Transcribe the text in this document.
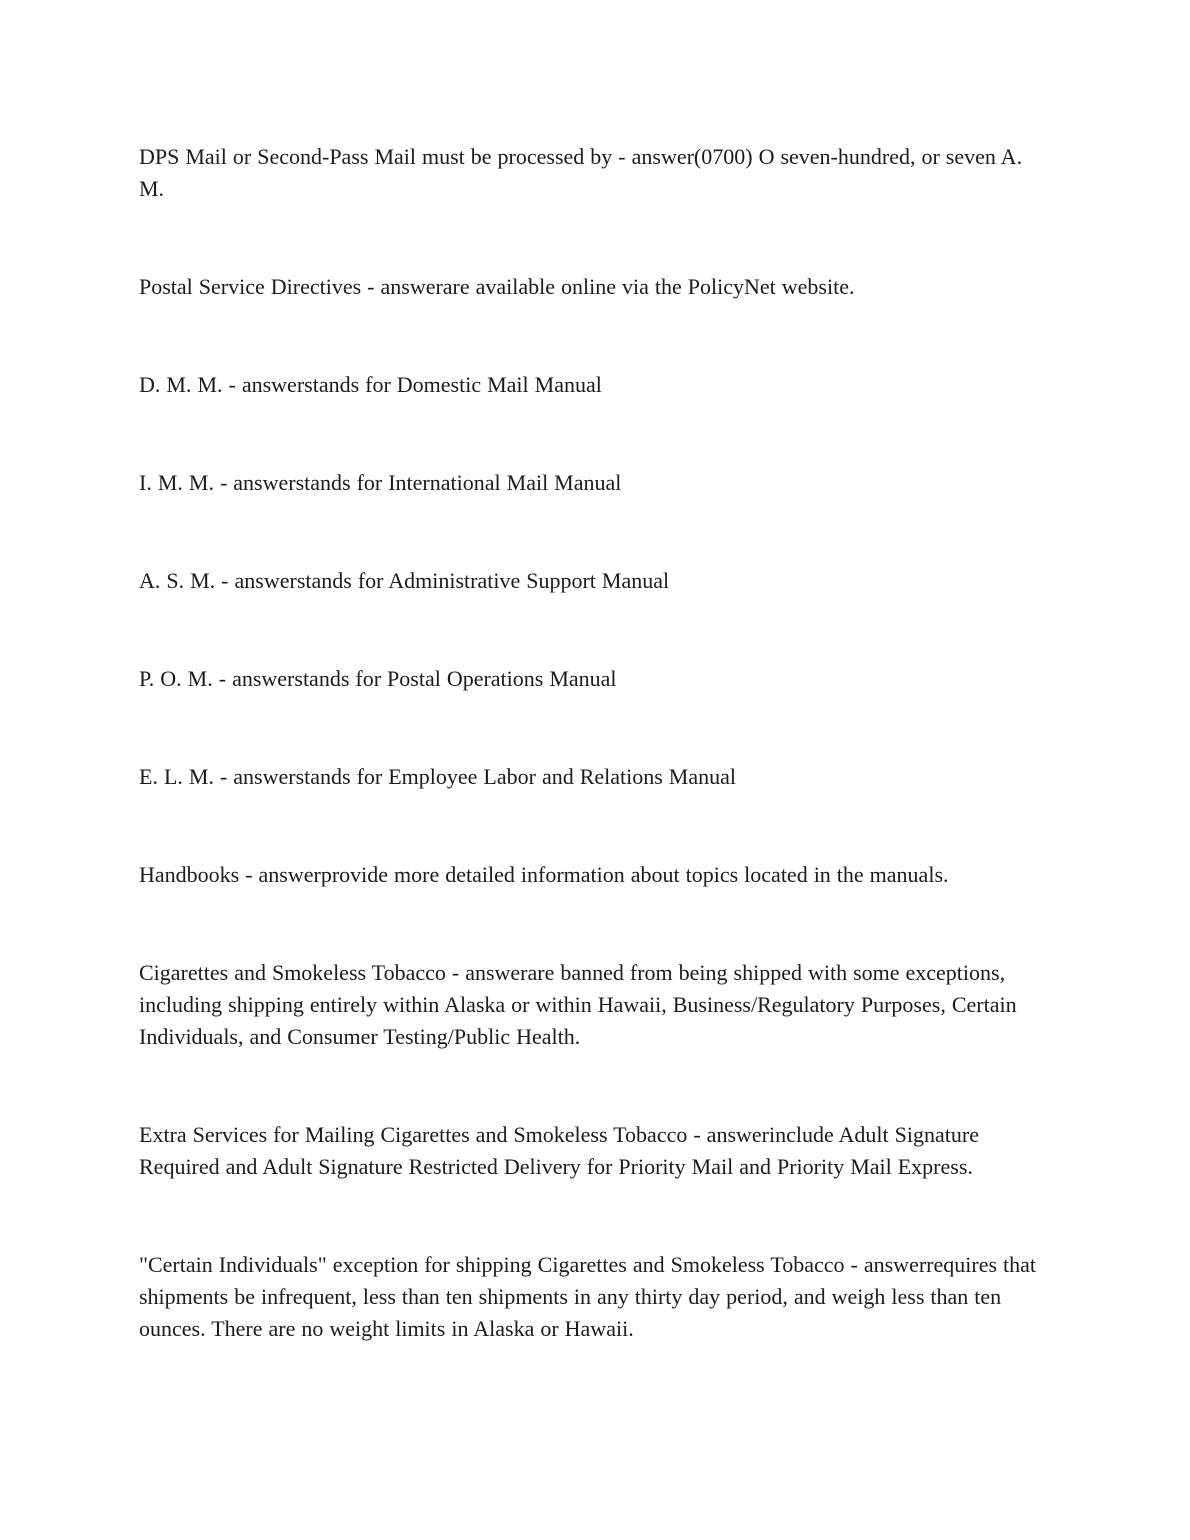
DPS Mail or Second-Pass Mail must be processed by - answer(0700) O seven-hundred, or seven A. M.

Postal Service Directives - answerare available online via the PolicyNet website.

D. M. M. - answerstands for Domestic Mail Manual

I. M. M. - answerstands for International Mail Manual

A. S. M. - answerstands for Administrative Support Manual

P. O. M. - answerstands for Postal Operations Manual

E. L. M. - answerstands for Employee Labor and Relations Manual

Handbooks - answerprovide more detailed information about topics located in the manuals.

Cigarettes and Smokeless Tobacco - answerare banned from being shipped with some exceptions, including shipping entirely within Alaska or within Hawaii, Business/Regulatory Purposes, Certain Individuals, and Consumer Testing/Public Health.

Extra Services for Mailing Cigarettes and Smokeless Tobacco - answerinclude Adult Signature Required and Adult Signature Restricted Delivery for Priority Mail and Priority Mail Express.

"Certain Individuals" exception for shipping Cigarettes and Smokeless Tobacco - answerrequires that shipments be infrequent, less than ten shipments in any thirty day period, and weigh less than ten ounces. There are no weight limits in Alaska or Hawaii.
